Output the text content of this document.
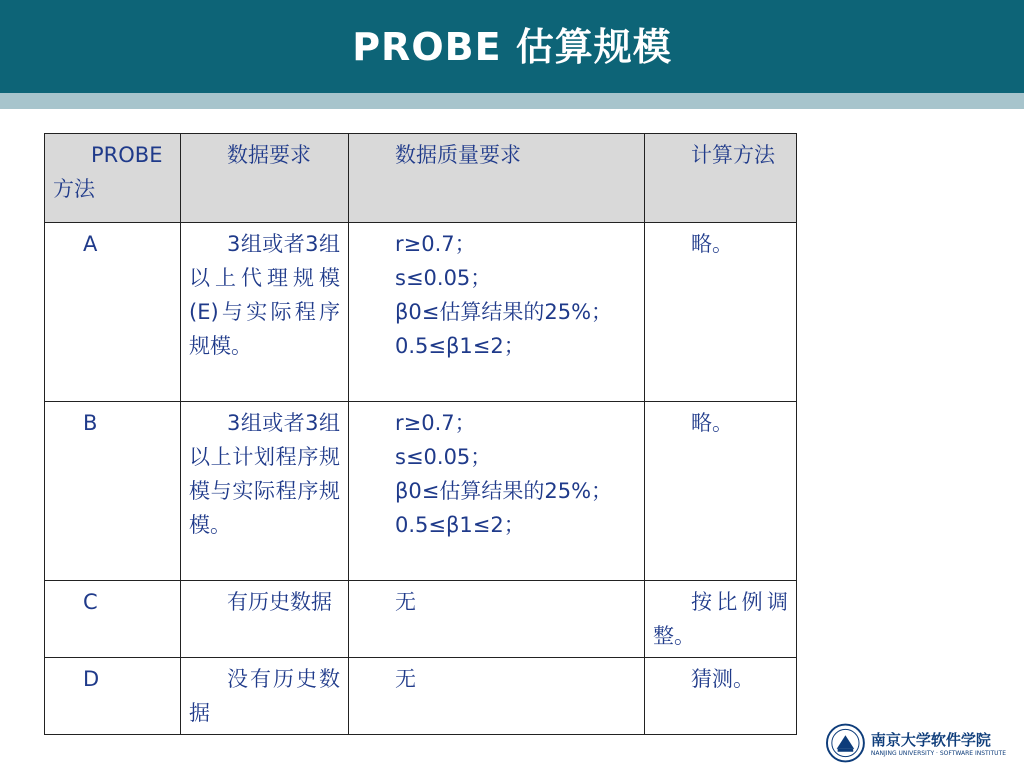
PROBE 估算规模
PROBE方法	数据要求	数据质量要求	计算方法

A	3组或者3组以上代理规模(E)与实际程序规模。	r≥0.7；
s≤0.05；
β0≤估算结果的25%；
0.5≤β1≤2；	略。

B	3组或者3组以上计划程序规模与实际程序规模。	r≥0.7；
s≤0.05；
β0≤估算结果的25%；
0.5≤β1≤2；	略。

C	有历史数据	无	按比例调整。

D	没有历史数据	无	猜测。
南京大学软件学院
NANJING UNIVERSITY · SOFTWARE INSTITUTE
